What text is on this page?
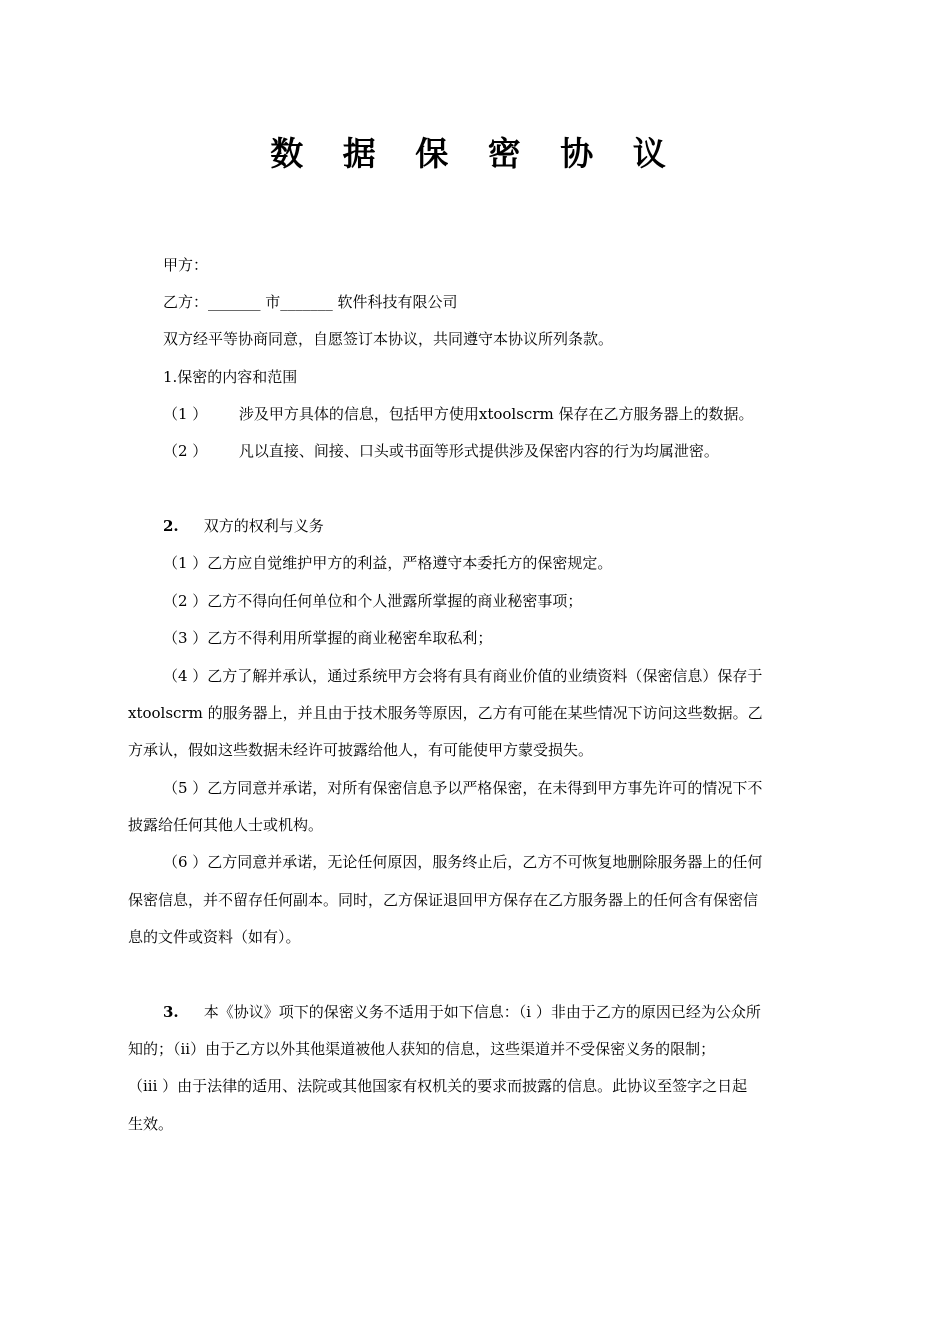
数 据 保 密 协 议
甲方：
乙方：_______ 市_______ 软件科技有限公司
双方经平等协商同意，自愿签订本协议，共同遵守本协议所列条款。
1.保密的内容和范围
（1 ） 涉及甲方具体的信息，包括甲方使用xtoolscrm 保存在乙方服务器上的数据。
（2 ） 凡以直接、间接、口头或书面等形式提供涉及保密内容的行为均属泄密。
2. 双方的权利与义务
（1 ）乙方应自觉维护甲方的利益，严格遵守本委托方的保密规定。
（2 ）乙方不得向任何单位和个人泄露所掌握的商业秘密事项；
（3 ）乙方不得利用所掌握的商业秘密牟取私利；
（4 ）乙方了解并承认，通过系统甲方会将有具有商业价值的业绩资料（保密信息）保存于
xtoolscrm 的服务器上，并且由于技术服务等原因，乙方有可能在某些情况下访问这些数据。乙
方承认，假如这些数据未经许可披露给他人，有可能使甲方蒙受损失。
（5 ）乙方同意并承诺，对所有保密信息予以严格保密，在未得到甲方事先许可的情况下不
披露给任何其他人士或机构。
（6 ）乙方同意并承诺，无论任何原因，服务终止后，乙方不可恢复地删除服务器上的任何
保密信息，并不留存任何副本。同时，乙方保证退回甲方保存在乙方服务器上的任何含有保密信
息的文件或资料（如有）。
3. 本《协议》项下的保密义务不适用于如下信息：（i ）非由于乙方的原因已经为公众所
知的；（ii）由于乙方以外其他渠道被他人获知的信息，这些渠道并不受保密义务的限制；
（iii ）由于法律的适用、法院或其他国家有权机关的要求而披露的信息。此协议至签字之日起
生效。
